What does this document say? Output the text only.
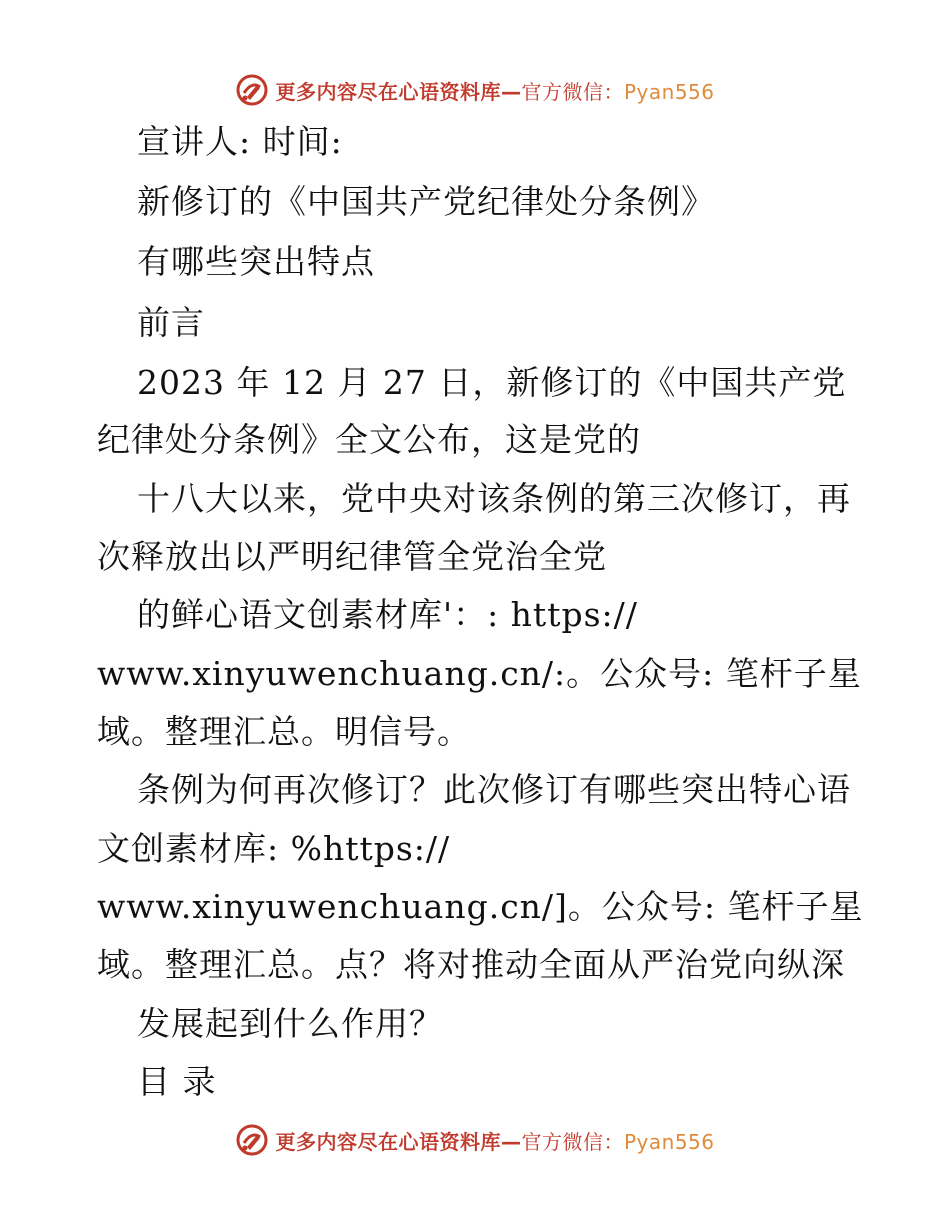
更多内容尽在心语资料库—官方微信：Pyan556
宣讲人: 时间:
新修订的《中国共产党纪律处分条例》
有哪些突出特点
前言
2023 年 12 月 27 日，新修订的《中国共产党
纪律处分条例》全文公布，这是党的
十八大以来，党中央对该条例的第三次修订，再
次释放出以严明纪律管全党治全党
的鲜心语文创素材库'：: https://
www.xinyuwenchuang.cn/:。公众号: 笔杆子星
域。整理汇总。明信号。
条例为何再次修订？此次修订有哪些突出特心语
文创素材库: %https://
www.xinyuwenchuang.cn/]。公众号: 笔杆子星
域。整理汇总。点？将对推动全面从严治党向纵深
发展起到什么作用？
目 录
更多内容尽在心语资料库—官方微信：Pyan556
